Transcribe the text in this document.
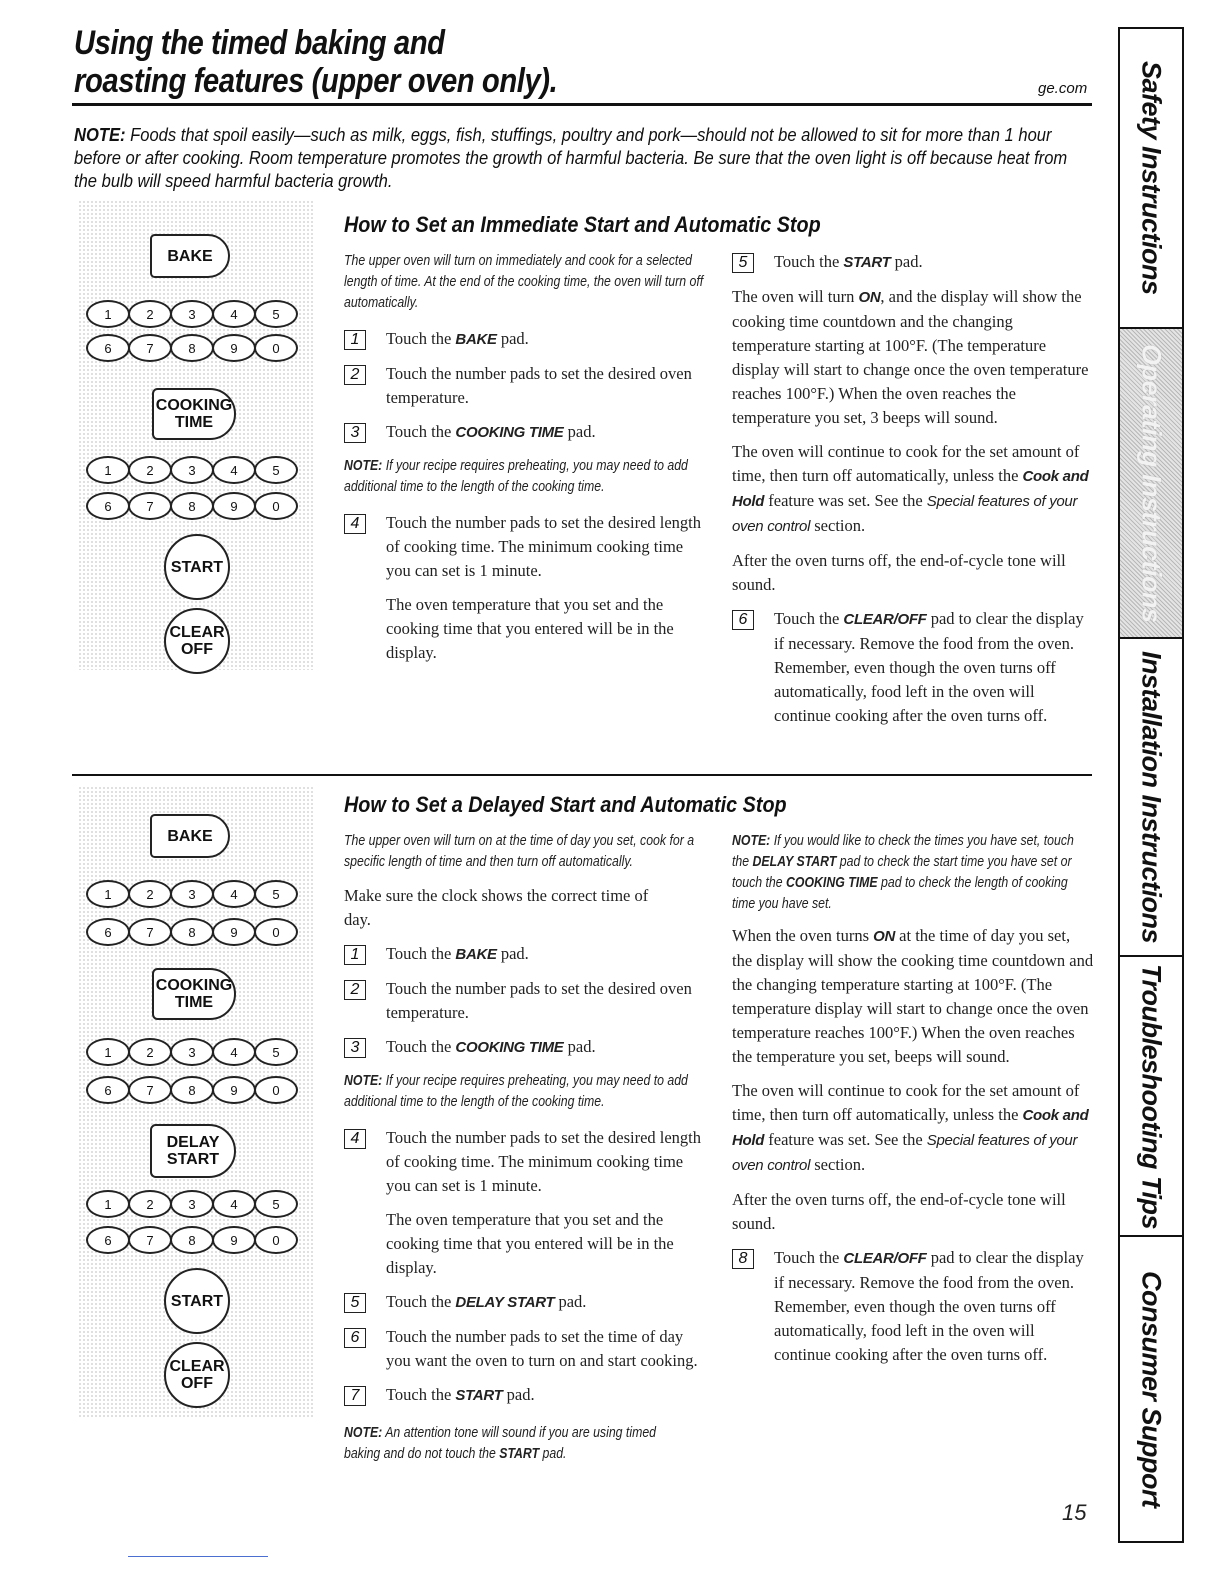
Using the timed baking and
roasting features (upper oven only).	ge.com
NOTE: Foods that spoil easily—such as milk, eggs, fish, stuffings, poultry and pork—should not be allowed to sit for more than 1 hour before or after cooking. Room temperature promotes the growth of harmful bacteria. Be sure that the oven light is off because heat from the bulb will speed harmful bacteria growth.	Safety Instructions
Operating Instructions
Installation Instructions
Troubleshooting Tips
Consumer Support
BAKE
1	2	3	4	5
6	7	8	9	0
COOKING
TIME
1	2	3	4	5
6	7	8	9	0
START
CLEAR
OFF
How to Set an Immediate Start and Automatic Stop
The upper oven will turn on immediately and cook for a selected length of time. At the end of the cooking time, the oven will turn off automatically.
1	Touch the BAKE pad.
2	Touch the number pads to set the desired oven temperature.
3	Touch the COOKING TIME pad.
NOTE: If your recipe requires preheating, you may need to add additional time to the length of the cooking time.
4	Touch the number pads to set the desired length of cooking time. The minimum cooking time you can set is 1 minute.

The oven temperature that you set and the cooking time that you entered will be in the display.

5	Touch the START pad.

The oven will turn ON, and the display will show the cooking time countdown and the changing temperature starting at 100°F. (The temperature display will start to change once the oven temperature reaches 100°F.) When the oven reaches the temperature you set, 3 beeps will sound.

The oven will continue to cook for the set amount of time, then turn off automatically, unless the Cook and Hold feature was set. See the Special features of your oven control section.

After the oven turns off, the end-of-cycle tone will sound.

6	Touch the CLEAR/OFF pad to clear the display if necessary. Remove the food from the oven. Remember, even though the oven turns off automatically, food left in the oven will continue cooking after the oven turns off.
BAKE
1	2	3	4	5
6	7	8	9	0
COOKING
TIME
1	2	3	4	5
6	7	8	9	0
DELAY
START
1	2	3	4	5
6	7	8	9	0
START
CLEAR
OFF
How to Set a Delayed Start and Automatic Stop
The upper oven will turn on at the time of day you set, cook for a specific length of time and then turn off automatically.

Make sure the clock shows the correct time of day.

1	Touch the BAKE pad.
2	Touch the number pads to set the desired oven temperature.
3	Touch the COOKING TIME pad.
NOTE: If your recipe requires preheating, you may need to add additional time to the length of the cooking time.
4	Touch the number pads to set the desired length of cooking time. The minimum cooking time you can set is 1 minute.

The oven temperature that you set and the cooking time that you entered will be in the display.

5	Touch the DELAY START pad.
6	Touch the number pads to set the time of day you want the oven to turn on and start cooking.
7	Touch the START pad.
NOTE: An attention tone will sound if you are using timed baking and do not touch the START pad.
NOTE: If you would like to check the times you have set, touch the DELAY START pad to check the start time you have set or touch the COOKING TIME pad to check the length of cooking time you have set.

When the oven turns ON at the time of day you set, the display will show the cooking time countdown and the changing temperature starting at 100°F. (The temperature display will start to change once the oven temperature reaches 100°F.) When the oven reaches the temperature you set, beeps will sound.

The oven will continue to cook for the set amount of time, then turn off automatically, unless the Cook and Hold feature was set. See the Special features of your oven control section.

After the oven turns off, the end-of-cycle tone will sound.

8	Touch the CLEAR/OFF pad to clear the display if necessary. Remove the food from the oven. Remember, even though the oven turns off automatically, food left in the oven will continue cooking after the oven turns off.
15
